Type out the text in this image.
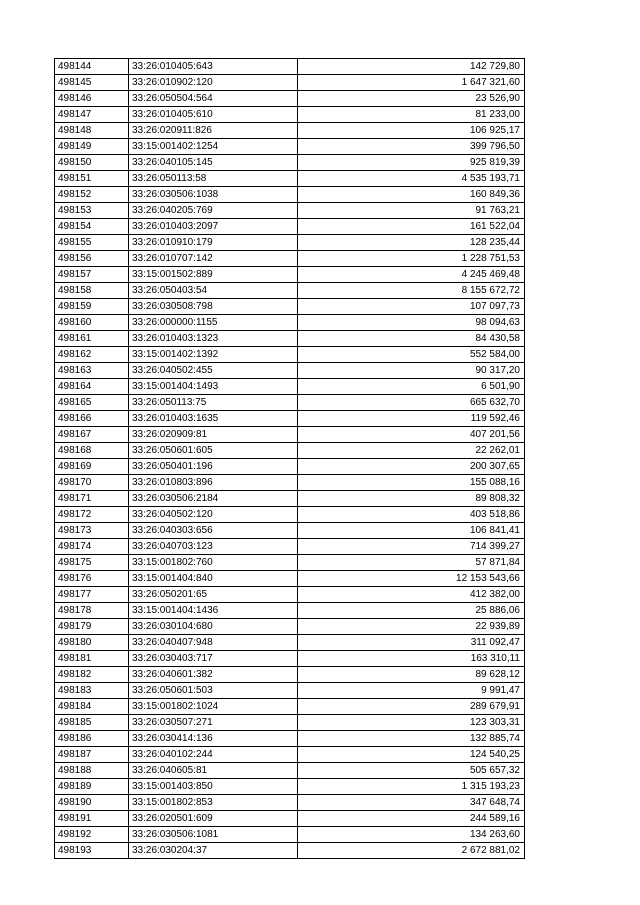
498144	33:26:010405:643	142 729,80
498145	33:26:010902:120	1 647 321,60
498146	33:26:050504:564	23 526,90
498147	33:26:010405:610	81 233,00
498148	33:26:020911:826	106 925,17
498149	33:15:001402:1254	399 796,50
498150	33:26:040105:145	925 819,39
498151	33:26:050113:58	4 535 193,71
498152	33:26:030506:1038	160 849,36
498153	33:26:040205:769	91 763,21
498154	33:26:010403:2097	161 522,04
498155	33:26:010910:179	128 235,44
498156	33:26:010707:142	1 228 751,53
498157	33:15:001502:889	4 245 469,48
498158	33:26:050403:54	8 155 672,72
498159	33:26:030508:798	107 097,73
498160	33:26:000000:1155	98 094,63
498161	33:26:010403:1323	84 430,58
498162	33:15:001402:1392	552 584,00
498163	33:26:040502:455	90 317,20
498164	33:15:001404:1493	6 501,90
498165	33:26:050113:75	665 632,70
498166	33:26:010403:1635	119 592,46
498167	33:26:020909:81	407 201,56
498168	33:26:050601:605	22 262,01
498169	33:26:050401:196	200 307,65
498170	33:26:010803:896	155 088,16
498171	33:26:030506:2184	89 808,32
498172	33:26:040502:120	403 518,86
498173	33:26:040303:656	106 841,41
498174	33:26:040703:123	714 399,27
498175	33:15:001802:760	57 871,84
498176	33:15:001404:840	12 153 543,66
498177	33:26:050201:65	412 382,00
498178	33:15:001404:1436	25 886,06
498179	33:26:030104:680	22 939,89
498180	33:26:040407:948	311 092,47
498181	33:26:030403:717	163 310,11
498182	33:26:040601:382	89 628,12
498183	33:26:050601:503	9 991,47
498184	33:15:001802:1024	289 679,91
498185	33:26:030507:271	123 303,31
498186	33:26:030414:136	132 885,74
498187	33:26:040102:244	124 540,25
498188	33:26:040605:81	505 657,32
498189	33:15:001403:850	1 315 193,23
498190	33:15:001802:853	347 648,74
498191	33:26:020501:609	244 589,16
498192	33:26:030506:1081	134 263,60
498193	33:26:030204:37	2 672 881,02
